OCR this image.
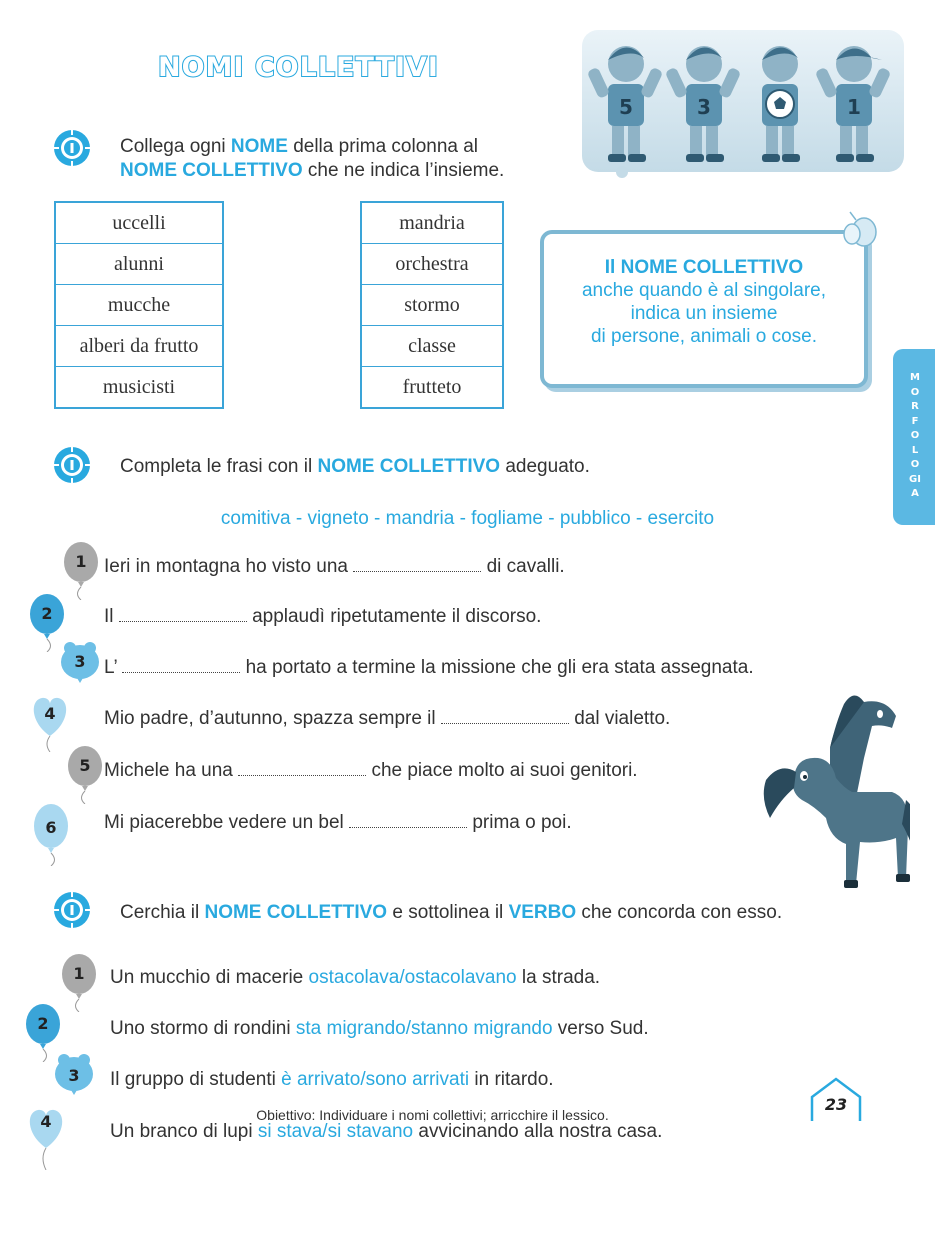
NOMI COLLETTIVI
5	3	1
Collega ogni NOME della prima colonna al
NOME COLLETTIVO che ne indica l’insieme.
uccelli
alunni
mucche
alberi da frutto
musicisti
mandria
orchestra
stormo
classe
frutteto
Il NOME COLLETTIVO
anche quando è al singolare,
indica un insieme
di persone, animali o cose.
MORFOLOGIA
Completa le frasi con il NOME COLLETTIVO adeguato.
comitiva - vigneto - mandria - fogliame - pubblico - esercito
1
2
3
4
5
6
Ieri in montagna ho visto una	di cavalli.
Il	applaudì ripetutamente il discorso.
L’	ha portato a termine la missione che gli era stata assegnata.
Mio padre, d’autunno, spazza sempre il	dal vialetto.
Michele ha una	che piace molto ai suoi genitori.
Mi piacerebbe vedere un bel	prima o poi.
Cerchia il NOME COLLETTIVO e sottolinea il VERBO che concorda con esso.
1
2
3
4
Un mucchio di macerie ostacolava/ostacolavano la strada.
Uno stormo di rondini sta migrando/stanno migrando verso Sud.
Il gruppo di studenti è arrivato/sono arrivati in ritardo.
Un branco di lupi si stava/si stavano avvicinando alla nostra casa.
Obiettivo: Individuare i nomi collettivi; arricchire il lessico.
23
